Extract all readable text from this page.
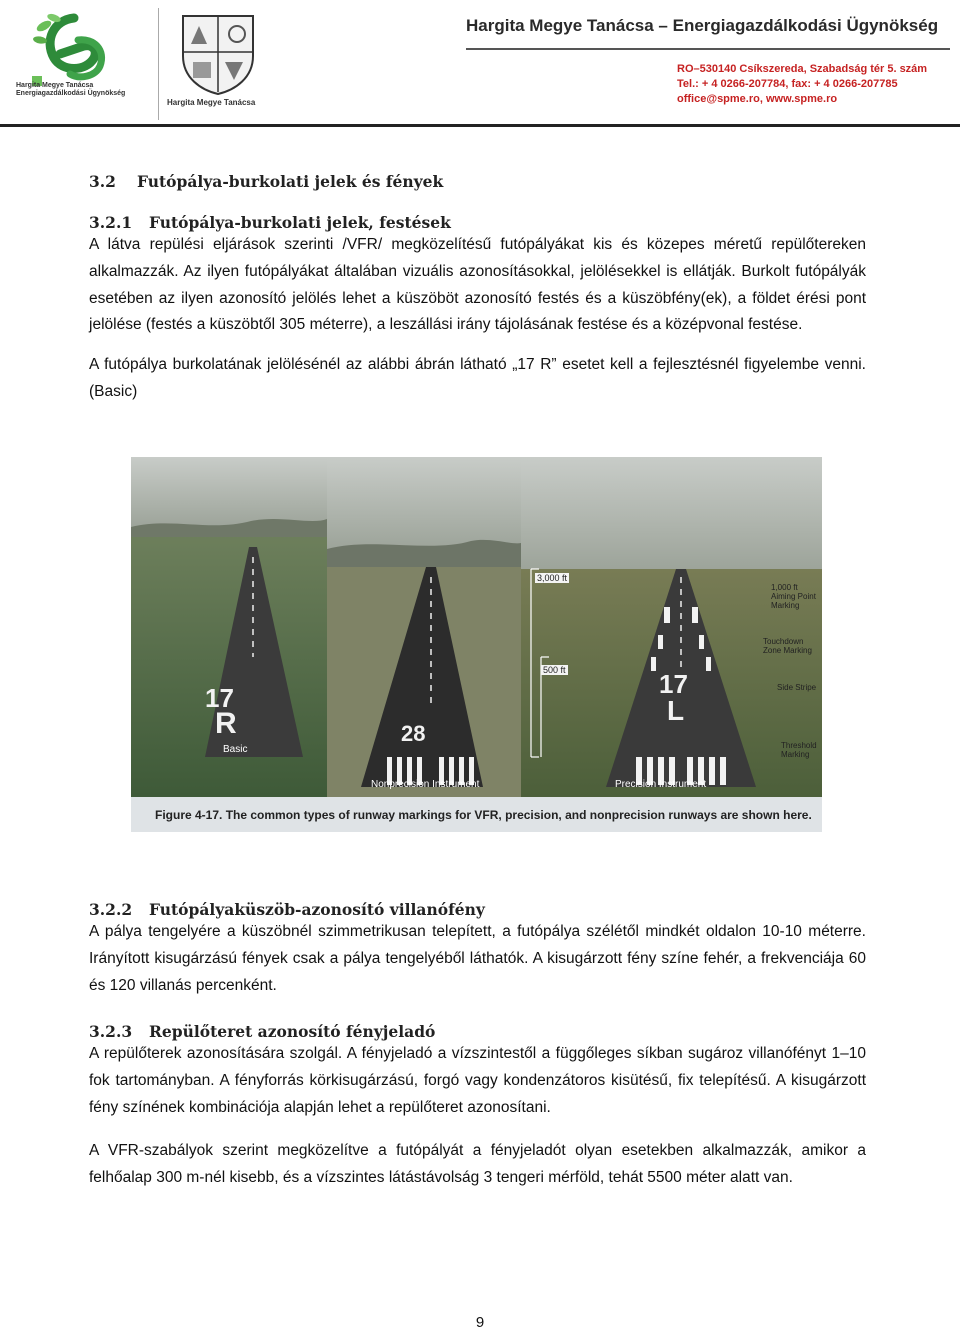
Hargita Megye Tanácsa
Energiagazdálkodási Ügynökség
Hargita Megye Tanácsa
Hargita Megye Tanácsa – Energiagazdálkodási Ügynökség
RO–530140 Csíkszereda, Szabadság tér 5. szám
Tel.: + 4 0266-207784, fax: + 4 0266-207785
office@spme.ro, www.spme.ro
3.2 Futópálya-burkolati jelek és fények
3.2.1 Futópálya-burkolati jelek, festések

A látva repülési eljárások szerinti /VFR/ megközelítésű futópályákat kis és közepes méretű repülőtereken alkalmazzák. Az ilyen futópályákat általában vizuális azonosításokkal, jelölésekkel is ellátják. Burkolt futópályák esetében az ilyen azonosító jelölés lehet a küszöböt azonosító festés és a küszöbfény(ek), a földet érési pont jelölése (festés a küszöbtől 305 méterre), a leszállási irány tájolásának festése és a középvonal festése.

A futópálya burkolatának jelölésénél az alábbi ábrán látható „17 R” esetet kell a fejlesztésnél figyelembe venni. (Basic)

17
R	28
17
L
Basic
Nonprecision Instrument	Precision Instrument
3,000 ft
500 ft
1,000 ft Aiming Point Marking
Touchdown Zone Marking
Side Stripe
Threshold Marking
Figure 4-17. The common types of runway markings for VFR, precision, and nonprecision runways are shown here.
3.2.2 Futópályaküszöb-azonosító villanófény

A pálya tengelyére a küszöbnél szimmetrikusan telepített, a futópálya szélétől mindkét oldalon 10-10 méterre. Irányított kisugárzású fények csak a pálya tengelyéből láthatók. A kisugárzott fény színe fehér, a frekvenciája 60 és 120 villanás percenként.

3.2.3 Repülőteret azonosító fényjeladó

A repülőterek azonosítására szolgál. A fényjeladó a vízszintestől a függőleges síkban sugároz villanófényt 1–10 fok tartományban. A fényforrás körkisugárzású, forgó vagy kondenzátoros kisütésű, fix telepítésű. A kisugárzott fény színének kombinációja alapján lehet a repülőteret azonosítani.

A VFR-szabályok szerint megközelítve a futópályát a fényjeladót olyan esetekben alkalmazzák, amikor a felhőalap 300 m-nél kisebb, és a vízszintes látástávolság 3 tengeri mérföld, tehát 5500 méter alatt van.

9
